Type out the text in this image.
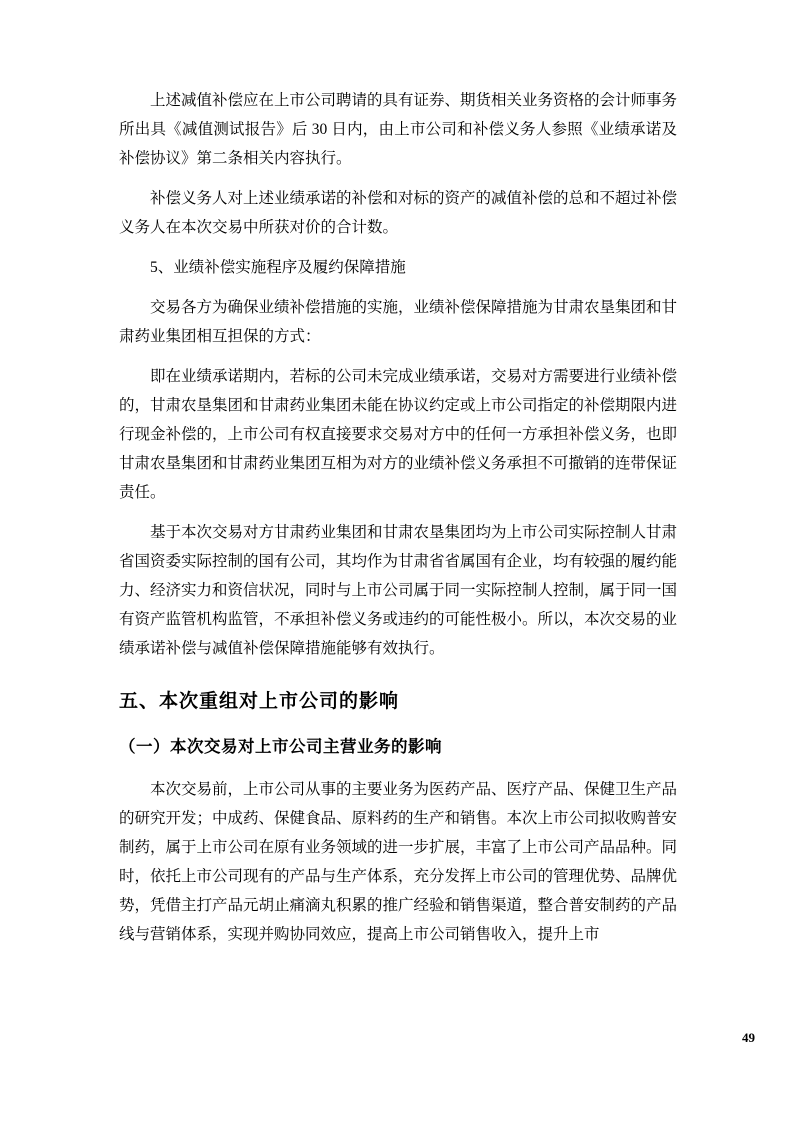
上述减值补偿应在上市公司聘请的具有证券、期货相关业务资格的会计师事务所出具《减值测试报告》后 30 日内，由上市公司和补偿义务人参照《业绩承诺及补偿协议》第二条相关内容执行。

补偿义务人对上述业绩承诺的补偿和对标的资产的减值补偿的总和不超过补偿义务人在本次交易中所获对价的合计数。

5、业绩补偿实施程序及履约保障措施

交易各方为确保业绩补偿措施的实施，业绩补偿保障措施为甘肃农垦集团和甘肃药业集团相互担保的方式：

即在业绩承诺期内，若标的公司未完成业绩承诺，交易对方需要进行业绩补偿的，甘肃农垦集团和甘肃药业集团未能在协议约定或上市公司指定的补偿期限内进行现金补偿的，上市公司有权直接要求交易对方中的任何一方承担补偿义务，也即甘肃农垦集团和甘肃药业集团互相为对方的业绩补偿义务承担不可撤销的连带保证责任。

基于本次交易对方甘肃药业集团和甘肃农垦集团均为上市公司实际控制人甘肃省国资委实际控制的国有公司，其均作为甘肃省省属国有企业，均有较强的履约能力、经济实力和资信状况，同时与上市公司属于同一实际控制人控制，属于同一国有资产监管机构监管，不承担补偿义务或违约的可能性极小。所以，本次交易的业绩承诺补偿与减值补偿保障措施能够有效执行。

五、本次重组对上市公司的影响
（一）本次交易对上市公司主营业务的影响

本次交易前，上市公司从事的主要业务为医药产品、医疗产品、保健卫生产品的研究开发；中成药、保健食品、原料药的生产和销售。本次上市公司拟收购普安制药，属于上市公司在原有业务领域的进一步扩展，丰富了上市公司产品品种。同时，依托上市公司现有的产品与生产体系，充分发挥上市公司的管理优势、品牌优势，凭借主打产品元胡止痛滴丸积累的推广经验和销售渠道，整合普安制药的产品线与营销体系，实现并购协同效应，提高上市公司销售收入，提升上市

49
